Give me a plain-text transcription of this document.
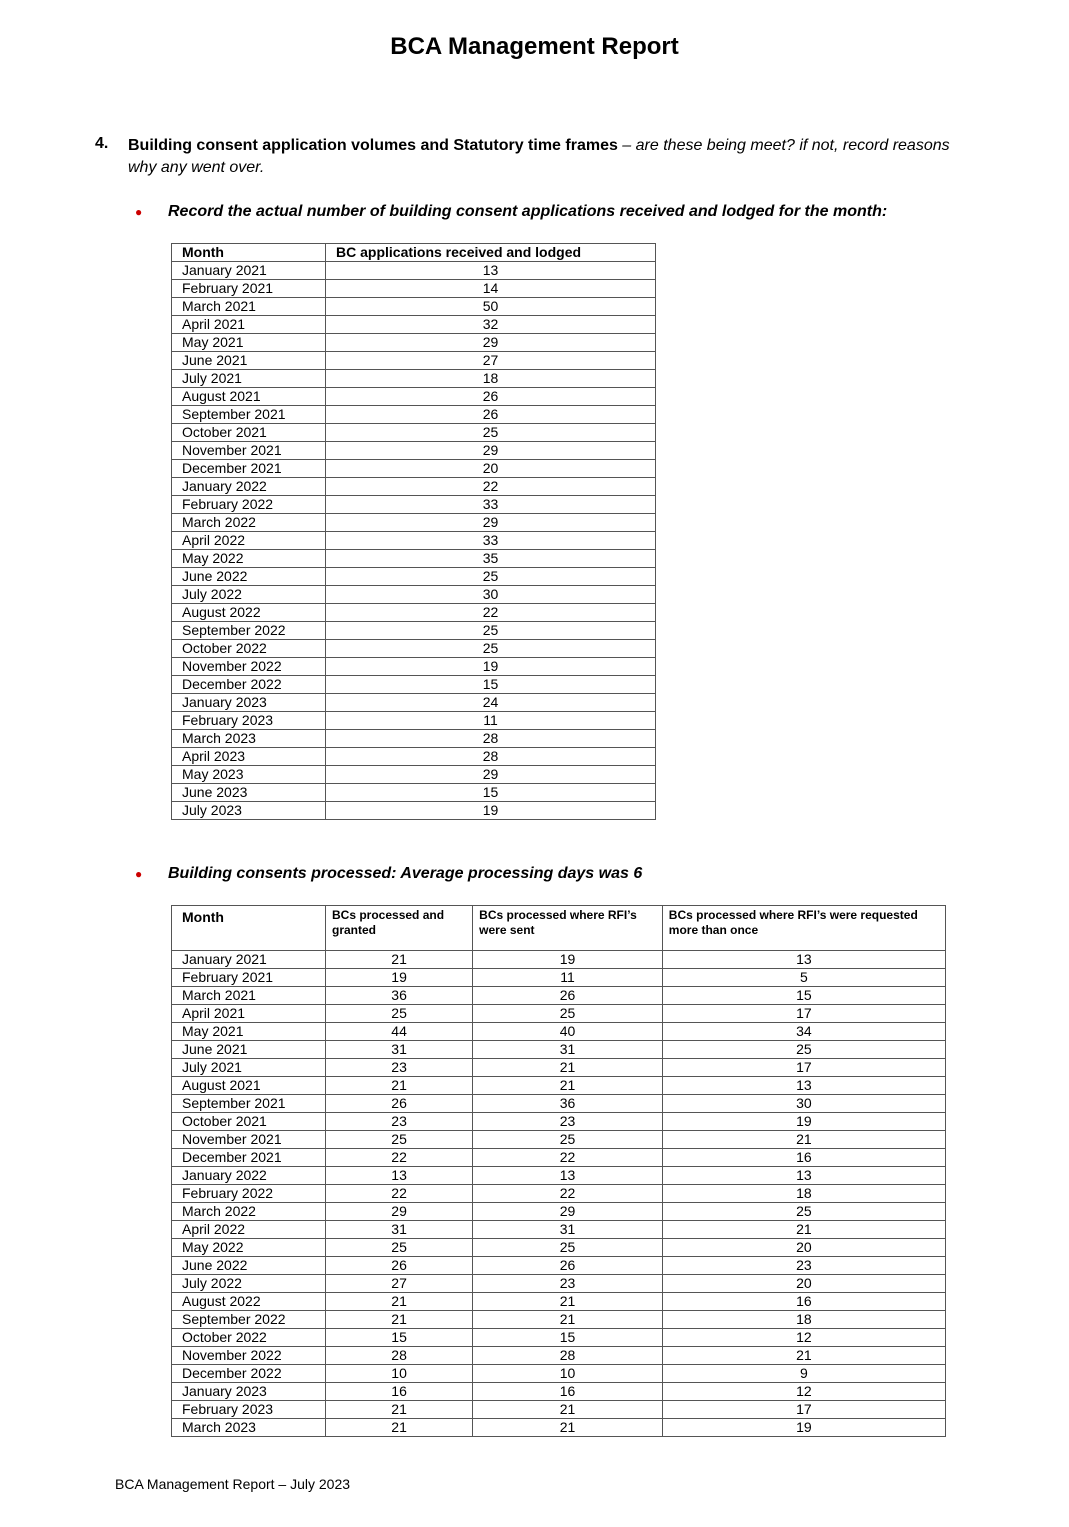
BCA Management Report
4. Building consent application volumes and Statutory time frames – are these being meet? if not, record reasons why any went over.
● Record the actual number of building consent applications received and lodged for the month:
Month	BC applications received and lodged
January 2021	13
February 2021	14
March 2021	50
April 2021	32
May 2021	29
June 2021	27
July 2021	18
August 2021	26
September 2021	26
October 2021	25
November 2021	29
December 2021	20
January 2022	22
February 2022	33
March 2022	29
April 2022	33
May 2022	35
June 2022	25
July 2022	30
August 2022	22
September 2022	25
October 2022	25
November 2022	19
December 2022	15
January 2023	24
February 2023	11
March 2023	28
April 2023	28
May 2023	29
June 2023	15
July 2023	19
● Building consents processed: Average processing days was 6
Month	BCs processed and granted	BCs processed where RFI’s were sent	BCs processed where RFI’s were requested more than once
January 2021	21	19	13
February 2021	19	11	5
March 2021	36	26	15
April 2021	25	25	17
May 2021	44	40	34
June 2021	31	31	25
July 2021	23	21	17
August 2021	21	21	13
September 2021	26	36	30
October 2021	23	23	19
November 2021	25	25	21
December 2021	22	22	16
January 2022	13	13	13
February 2022	22	22	18
March 2022	29	29	25
April 2022	31	31	21
May 2022	25	25	20
June 2022	26	26	23
July 2022	27	23	20
August 2022	21	21	16
September 2022	21	21	18
October 2022	15	15	12
November 2022	28	28	21
December 2022	10	10	9
January 2023	16	16	12
February 2023	21	21	17
March 2023	21	21	19
BCA Management Report – July 2023
